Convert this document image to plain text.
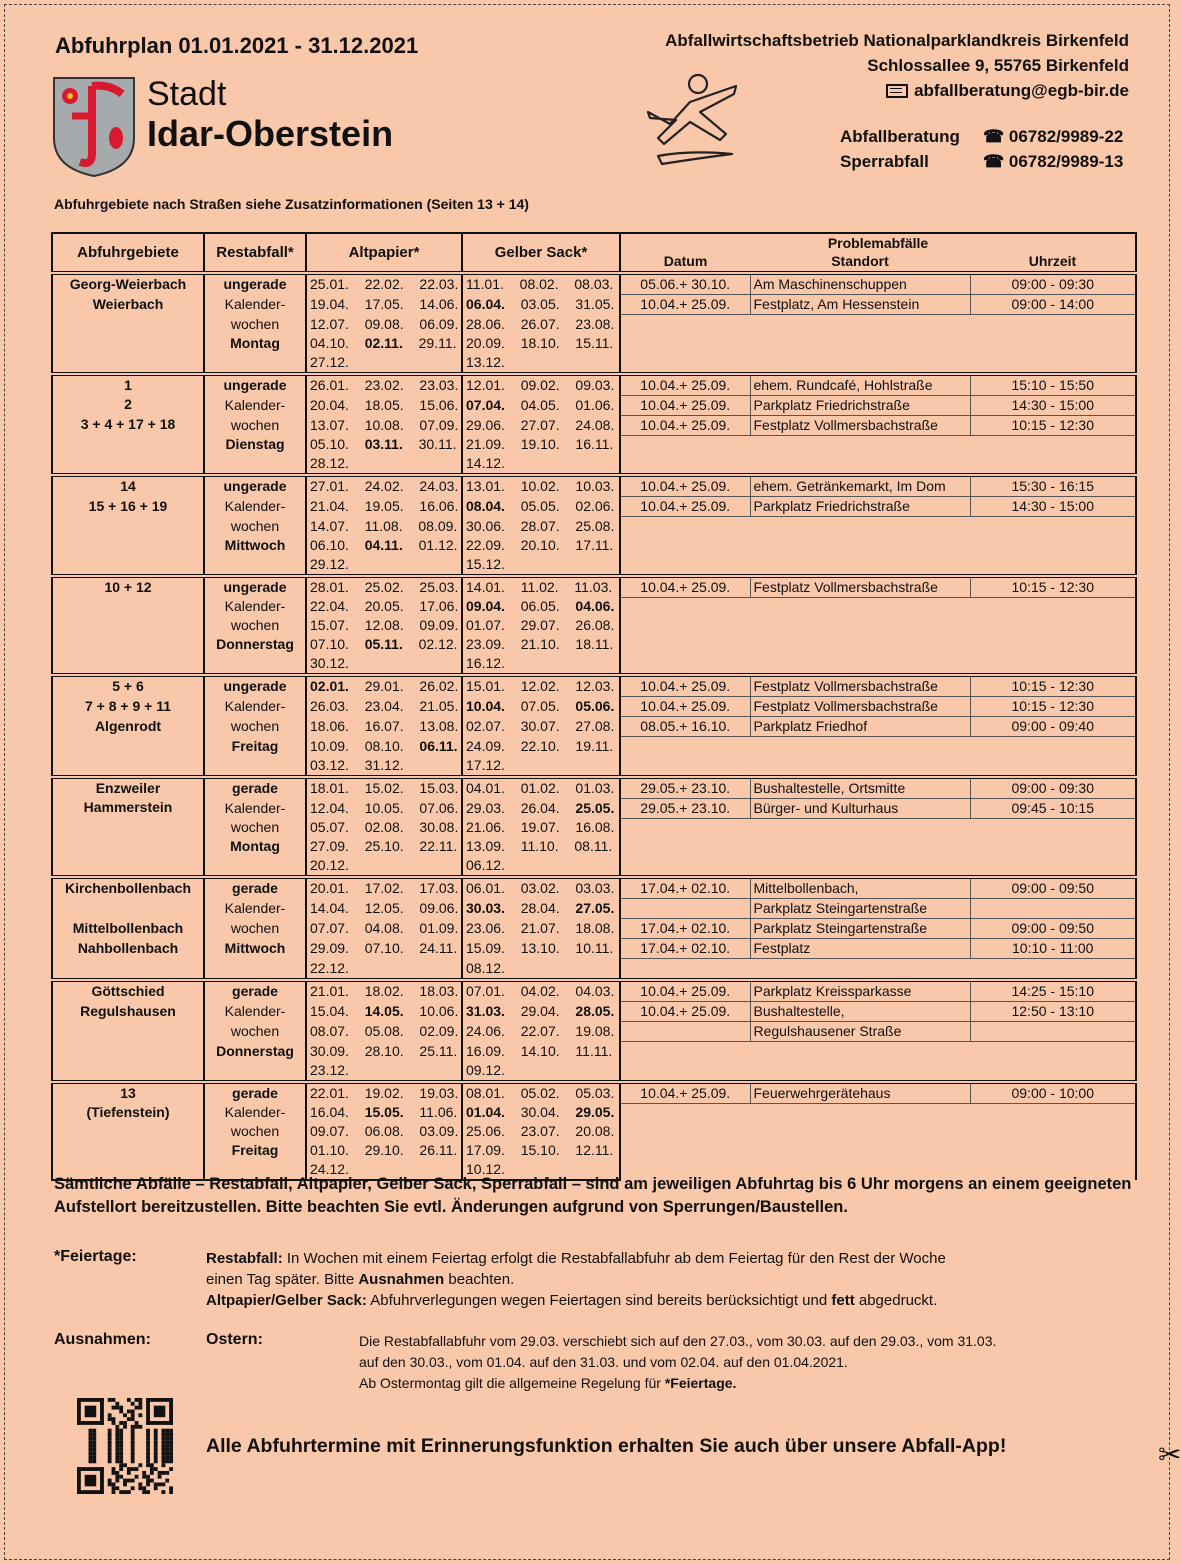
Abfuhrplan 01.01.2021 - 31.12.2021
Stadt
Idar-Oberstein
Abfallwirtschaftsbetrieb Nationalparklandkreis Birkenfeld
Schlossallee 9, 55765 Birkenfeld
abfallberatung@egb-bir.de
Abfallberatung ☎ 06782/9989-22
Sperrabfall	☎ 06782/9989-13
Abfuhrgebiete nach Straßen siehe Zusatzinformationen (Seiten 13 + 14)
Abfuhrgebiete	Restabfall*	Altpapier*	Gelber Sack*	Problemabfälle		
				Datum	Standort	Uhrzeit
Georg-Weierbach	ungerade	25.01.  22.02.  22.03.	11.01.  08.02.  08.03.	05.06.+ 30.10.	Am Maschinenschuppen	09:00 - 09:30
Weierbach	Kalender-	19.04.  17.05.  14.06.	06.04.  03.05.  31.05.	10.04.+ 25.09.	Festplatz, Am Hessenstein	09:00 - 14:00
	wochen	12.07.  09.08.  06.09.	28.06.  26.07.  23.08.			
	Montag	04.10.  02.11.  29.11.	20.09.  18.10.  15.11.			
		27.12.	13.12.			
1	ungerade	26.01.  23.02.  23.03.	12.01.  09.02.  09.03.	10.04.+ 25.09.	ehem. Rundcafé, Hohlstraße	15:10 - 15:50
2	Kalender-	20.04.  18.05.  15.06.	07.04.  04.05.  01.06.	10.04.+ 25.09.	Parkplatz Friedrichstraße	14:30 - 15:00
3 + 4 + 17 + 18	wochen	13.07.  10.08.  07.09.	29.06.  27.07.  24.08.	10.04.+ 25.09.	Festplatz Vollmersbachstraße	10:15 - 12:30
	Dienstag	05.10.  03.11.  30.11.	21.09.  19.10.  16.11.			
		28.12.	14.12.			
14	ungerade	27.01.  24.02.  24.03.	13.01.  10.02.  10.03.	10.04.+ 25.09.	ehem. Getränkemarkt, Im Dom	15:30 - 16:15
15 + 16 + 19	Kalender-	21.04.  19.05.  16.06.	08.04.  05.05.  02.06.	10.04.+ 25.09.	Parkplatz Friedrichstraße	14:30 - 15:00
	wochen	14.07.  11.08.  08.09.	30.06.  28.07.  25.08.			
	Mittwoch	06.10.  04.11.  01.12.	22.09.  20.10.  17.11.			
		29.12.	15.12.			
10 + 12	ungerade	28.01.  25.02.  25.03.	14.01.  11.02.  11.03.	10.04.+ 25.09.	Festplatz Vollmersbachstraße	10:15 - 12:30
	Kalender-	22.04.  20.05.  17.06.	09.04.  06.05.  04.06.			
	wochen	15.07.  12.08.  09.09.	01.07.  29.07.  26.08.			
	Donnerstag	07.10.  05.11.  02.12.	23.09.  21.10.  18.11.			
		30.12.	16.12.			
5 + 6	ungerade	02.01.  29.01.  26.02.	15.01.  12.02.  12.03.	10.04.+ 25.09.	Festplatz Vollmersbachstraße	10:15 - 12:30
7 + 8 + 9 + 11	Kalender-	26.03.  23.04.  21.05.	10.04.  07.05.  05.06.	10.04.+ 25.09.	Festplatz Vollmersbachstraße	10:15 - 12:30
Algenrodt	wochen	18.06.  16.07.  13.08.	02.07.  30.07.  27.08.	08.05.+ 16.10.	Parkplatz Friedhof	09:00 - 09:40
	Freitag	10.09.  08.10.  06.11.	24.09.  22.10.  19.11.			
		03.12.  31.12.	17.12.			
Enzweiler	gerade	18.01.  15.02.  15.03.	04.01.  01.02.  01.03.	29.05.+ 23.10.	Bushaltestelle, Ortsmitte	09:00 - 09:30
Hammerstein	Kalender-	12.04.  10.05.  07.06.	29.03.  26.04.  25.05.	29.05.+ 23.10.	Bürger- und Kulturhaus	09:45 - 10:15
	wochen	05.07.  02.08.  30.08.	21.06.  19.07.  16.08.			
	Montag	27.09.  25.10.  22.11.	13.09.  11.10.  08.11.			
		20.12.	06.12.			
Kirchenbollenbach	gerade	20.01.  17.02.  17.03.	06.01.  03.02.  03.03.	17.04.+ 02.10.	Mittelbollenbach,	09:00 - 09:50
	Kalender-	14.04.  12.05.  09.06.	30.03.  28.04.  27.05.		Parkplatz Steingartenstraße	
Mittelbollenbach	wochen	07.07.  04.08.  01.09.	23.06.  21.07.  18.08.	17.04.+ 02.10.	Parkplatz Steingartenstraße	09:00 - 09:50
Nahbollenbach	Mittwoch	29.09.  07.10.  24.11.	15.09.  13.10.  10.11.	17.04.+ 02.10.	Festplatz	10:10 - 11:00
		22.12.	08.12.			
Göttschied	gerade	21.01.  18.02.  18.03.	07.01.  04.02.  04.03.	10.04.+ 25.09.	Parkplatz Kreissparkasse	14:25 - 15:10
Regulshausen	Kalender-	15.04.  14.05.  10.06.	31.03.  29.04.  28.05.	10.04.+ 25.09.	Bushaltestelle,	12:50 - 13:10
	wochen	08.07.  05.08.  02.09.	24.06.  22.07.  19.08.		Regulshausener Straße	
	Donnerstag	30.09.  28.10.  25.11.	16.09.  14.10.  11.11.			
		23.12.	09.12.			
13	gerade	22.01.  19.02.  19.03.	08.01.  05.02.  05.03.	10.04.+ 25.09.	Feuerwehrgerätehaus	09:00 - 10:00
(Tiefenstein)	Kalender-	16.04.  15.05.  11.06.	01.04.  30.04.  29.05.			
	wochen	09.07.  06.08.  03.09.	25.06.  23.07.  20.08.			
	Freitag	01.10.  29.10.  26.11.	17.09.  15.10.  12.11.			
		24.12.	10.12.			

Sämtliche Abfälle – Restabfall, Altpapier, Gelber Sack, Sperrabfall – sind am jeweiligen Abfuhrtag bis 6 Uhr morgens an einem geeigneten Aufstellort bereitzustellen. Bitte beachten Sie evtl. Änderungen aufgrund von Sperrungen/Baustellen.

*Feiertage:	Restabfall: In Wochen mit einem Feiertag erfolgt die Restabfallabfuhr ab dem Feiertag für den Rest der Woche
einen Tag später. Bitte Ausnahmen beachten.
Altpapier/Gelber Sack: Abfuhrverlegungen wegen Feiertagen sind bereits berücksichtigt und fett abgedruckt.
Ausnahmen:	Ostern:	Die Restabfallabfuhr vom 29.03. verschiebt sich auf den 27.03., vom 30.03. auf den 29.03., vom 31.03.
auf den 30.03., vom 01.04. auf den 31.03. und vom 02.04. auf den 01.04.2021.
Ab Ostermontag gilt die allgemeine Regelung für *Feiertage.
Alle Abfuhrtermine mit Erinnerungsfunktion erhalten Sie auch über unsere Abfall-App!	✂
